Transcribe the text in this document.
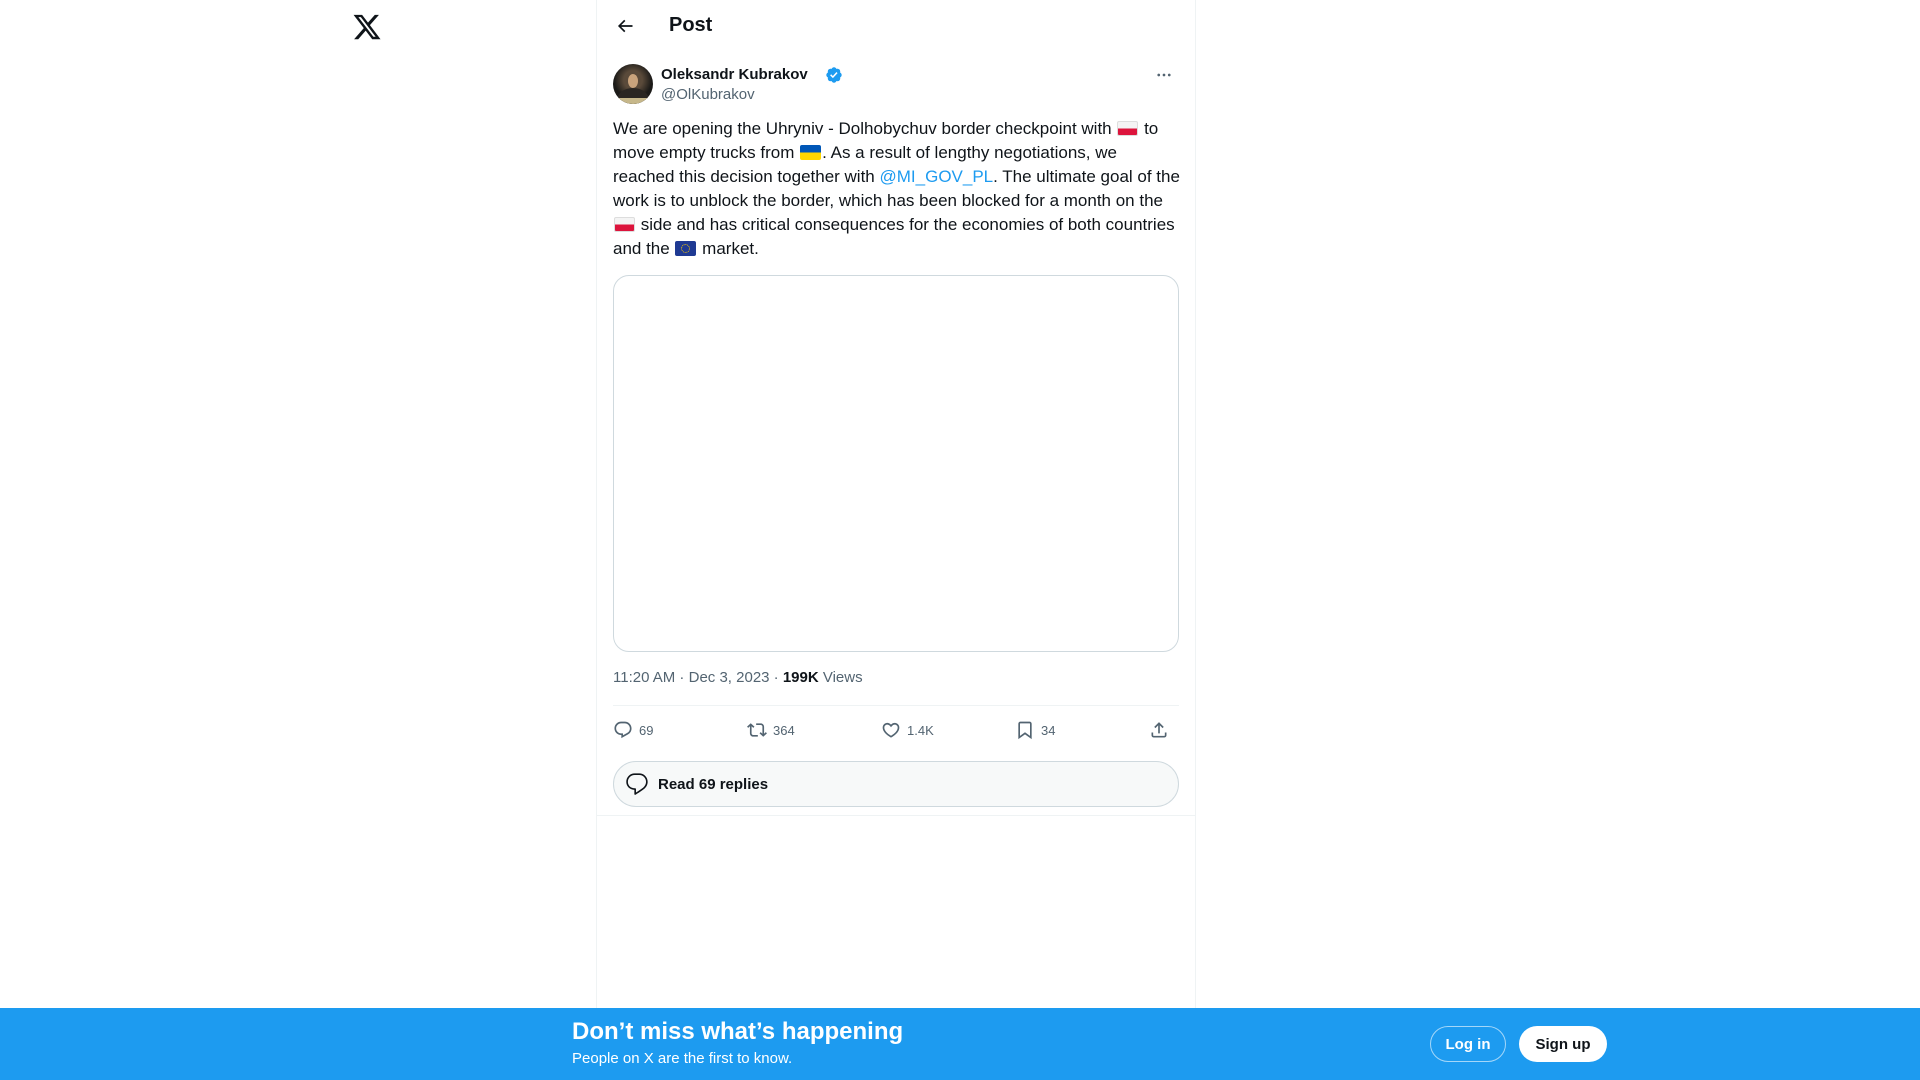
Post
Oleksandr Kubrakov
@OlKubrakov
We are opening the Uhryniv - Dolhobychuv border checkpoint with  to move empty trucks from . As a result of lengthy negotiations, we reached this decision together with @MI_GOV_PL. The ultimate goal of the work is to unblock the border, which has been blocked for a month on the  side and has critical consequences for the economies of both countries and the  market.
11:20 AM · Dec 3, 2023 · 199K Views
69	364	1.4K	34
Read 69 replies
Don’t miss what’s happening
People on X are the first to know.
Log in	Sign up
